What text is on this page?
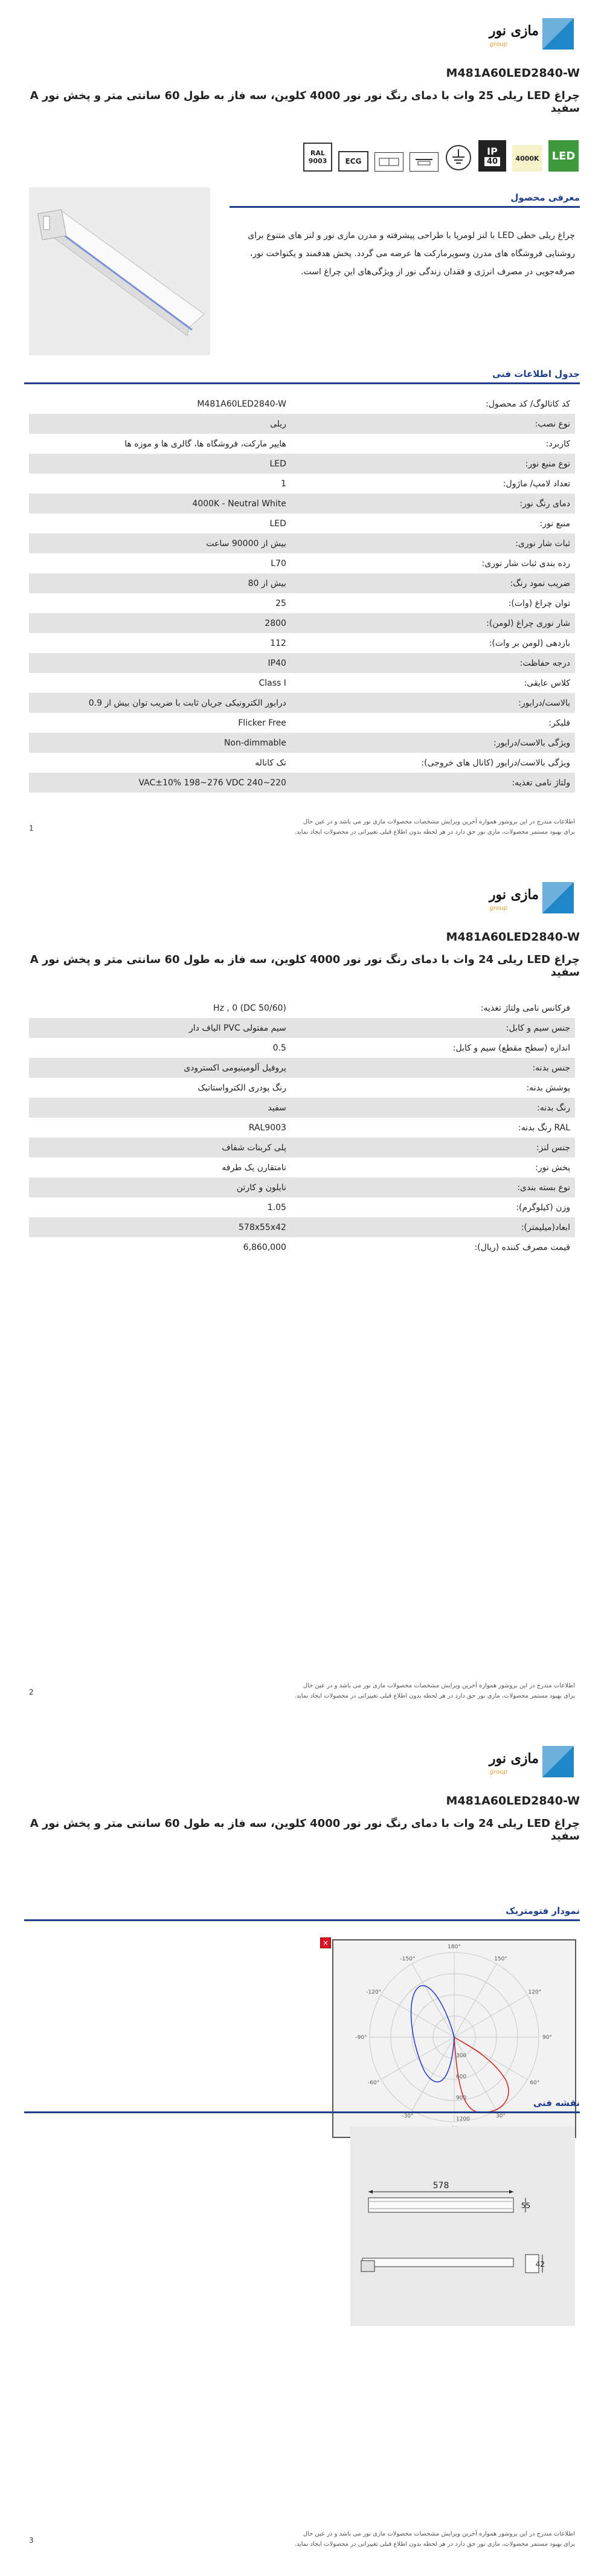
مازی نور
group
M481A60LED2840-W
چراغ LED ریلی 25 وات با دمای رنگ نور نور 4000 کلوین، سه فاز به طول 60 سانتی متر و پخش نور A سفید
RAL
9003	ECG
IP
40	4000K	LED
معرفی محصول
چراغ ریلی خطی LED با لنز لومرپا با طراحی پیشرفته و مدرن مازی نور و لنز های متنوع برای روشنایی فروشگاه های مدرن وسوپرمارکت ها عرضه می گردد. پخش هدفمند و یکنواخت نور، صرفه‌جویی در مصرف انرژی و فقدان زندگی نور از ویژگی‌های این چراغ است.
جدول اطلاعات فنی
کد کاتالوگ/ کد محصول:	M481A60LED2840-W
نوع نصب:	ریلی
کاربرد:	هایپر مارکت، فروشگاه ها، گالری ها و موزه ها
نوع منبع نور:	LED
تعداد لامپ/ ماژول:	1
دمای رنگ نور:	4000K - Neutral White
منبع نور:	LED
ثبات شار نوری:	بیش از 90000 ساعت
رده بندی ثبات شار نوری:	L70
ضریب نمود رنگ:	بیش از 80
توان چراغ (وات):	25
شار نوری چراغ (لومن):	2800
بازدهی (لومن بر وات):	112
درجه حفاظت:	IP40
کلاس عایقی:	Class I
بالاست/درایور:	درایور الکترونیکی جریان ثابت با ضریب توان بیش از 0.9
فلیکر:	Flicker Free
ویژگی بالاست/درایور:	Non-dimmable
ویژگی بالاست/درایور (کانال های خروجی):	تک کاناله
ولتاژ نامی تغذیه:	VAC±10% 198~276 VDC 240~220
اطلاعات مندرج در این بروشور همواره آخرین ویرایش مشخصات محصولات مازی نور می باشد و در عین حال
برای بهبود مستمر محصولات، مازی نور حق دارد در هر لحظه بدون اطلاع قبلی تغییراتی در محصولات ایجاد نماید.
1
مازی نور
group
M481A60LED2840-W
چراغ LED ریلی 24 وات با دمای رنگ نور نور 4000 کلوین، سه فاز به طول 60 سانتی متر و پخش نور A سفید
فرکانس نامی ولتاژ تغذیه:	(Hz , 0 (DC 50/60
جنس سیم و کابل:	سیم مفتولی PVC الیاف دار
اندازه (سطح مقطع) سیم و کابل:	0.5
جنس بدنه:	پروفیل آلومینیومی اکسترودی
پوشش بدنه:	رنگ پودری الکترواستاتیک
رنگ بدنه:	سفید
RAL رنگ بدنه:	RAL9003
جنس لنز:	پلی کربنات شفاف
پخش نور:	نامتقارن یک طرفه
نوع بسته بندی:	نایلون و کارتن
وزن (کیلوگرم):	1.05
ابعاد(میلیمتر):	578x55x42
قیمت مصرف کننده (ریال):	6,860,000
اطلاعات مندرج در این بروشور همواره آخرین ویرایش مشخصات محصولات مازی نور می باشد و در عین حال
برای بهبود مستمر محصولات، مازی نور حق دارد در هر لحظه بدون اطلاع قبلی تغییراتی در محصولات ایجاد نماید.
2
مازی نور
group
M481A60LED2840-W
چراغ LED ریلی 24 وات با دمای رنگ نور نور 4000 کلوین، سه فاز به طول 60 سانتی متر و پخش نور A سفید
نمودار فتومتریک
×	180°
-150°
-120°
-90°
-60°
-30°
150°
120°
90°
60°
30°
300
600
900
1200
نقشه فنی
578
55
42
اطلاعات مندرج در این بروشور همواره آخرین ویرایش مشخصات محصولات مازی نور می باشد و در عین حال
برای بهبود مستمر محصولات، مازی نور حق دارد در هر لحظه بدون اطلاع قبلی تغییراتی در محصولات ایجاد نماید.
3
